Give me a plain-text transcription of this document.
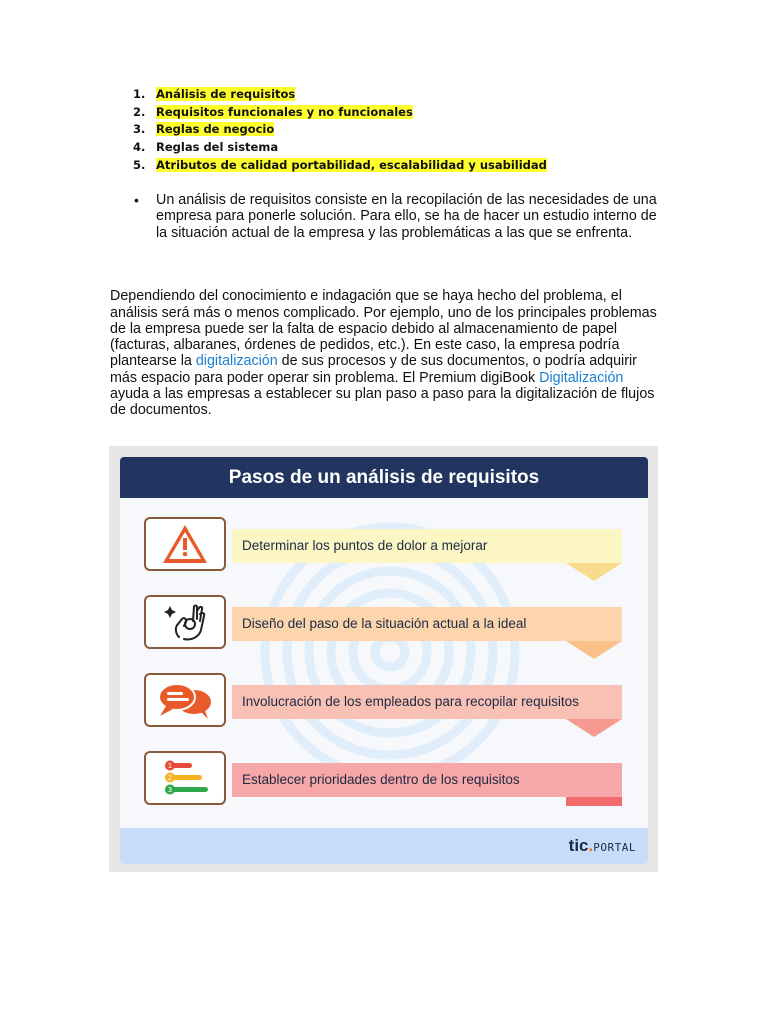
1. Análisis de requisitos
2. Requisitos funcionales y no funcionales
3. Reglas de negocio
4. Reglas del sistema
5. Atributos de calidad portabilidad, escalabilidad y usabilidad
• Un análisis de requisitos consiste en la recopilación de las necesidades de una empresa para ponerle solución. Para ello, se ha de hacer un estudio interno de la situación actual de la empresa y las problemáticas a las que se enfrenta.

Dependiendo del conocimiento e indagación que se haya hecho del problema, el análisis será más o menos complicado. Por ejemplo, uno de los principales problemas de la empresa puede ser la falta de espacio debido al almacenamiento de papel (facturas, albaranes, órdenes de pedidos, etc.). En este caso, la empresa podría plantearse la digitalización de sus procesos y de sus documentos, o podría adquirir más espacio para poder operar sin problema. El Premium digiBook Digitalización ayuda a las empresas a establecer su plan paso a paso para la digitalización de flujos de documentos.

Pasos de un análisis de requisitos
Determinar los puntos de dolor a mejorar
Diseño del paso de la situación actual a la ideal
Involucración de los empleados para recopilar requisitos
Establecer prioridades dentro de los requisitos
1
2
3
tic.PORTAL
